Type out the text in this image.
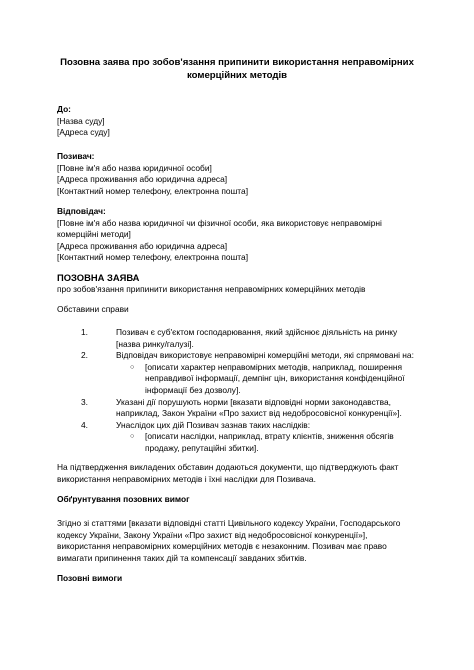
Позовна заява про зобов'язання припинити використання неправомірних комерційних методів
До:
[Назва суду]
[Адреса суду]
Позивач:
[Повне ім'я або назва юридичної особи]
[Адреса проживання або юридична адреса]
[Контактний номер телефону, електронна пошта]
Відповідач:
[Повне ім'я або назва юридичної чи фізичної особи, яка використовує неправомірні комерційні методи]
[Адреса проживання або юридична адреса]
[Контактний номер телефону, електронна пошта]
ПОЗОВНА ЗАЯВА
про зобов'язання припинити використання неправомірних комерційних методів
Обставини справи
1.	Позивач є суб'єктом господарювання, який здійснює діяльність на ринку [назва ринку/галузі].
2.	Відповідач використовує неправомірні комерційні методи, які спрямовані на:
○ [описати характер неправомірних методів, наприклад, поширення неправдивої інформації, демпінг цін, використання конфіденційної інформації без дозволу].
3.	Указані дії порушують норми [вказати відповідні норми законодавства, наприклад, Закон України «Про захист від недобросовісної конкуренції»].
4.	Унаслідок цих дій Позивач зазнав таких наслідків:
○ [описати наслідки, наприклад, втрату клієнтів, зниження обсягів продажу, репутаційні збитки].
На підтвердження викладених обставин додаються документи, що підтверджують факт використання неправомірних методів і їхні наслідки для Позивача.
Обґрунтування позовних вимог
Згідно зі статтями [вказати відповідні статті Цивільного кодексу України, Господарського кодексу України, Закону України «Про захист від недобросовісної конкуренції»], використання неправомірних комерційних методів є незаконним. Позивач має право вимагати припинення таких дій та компенсації завданих збитків.
Позовні вимоги
